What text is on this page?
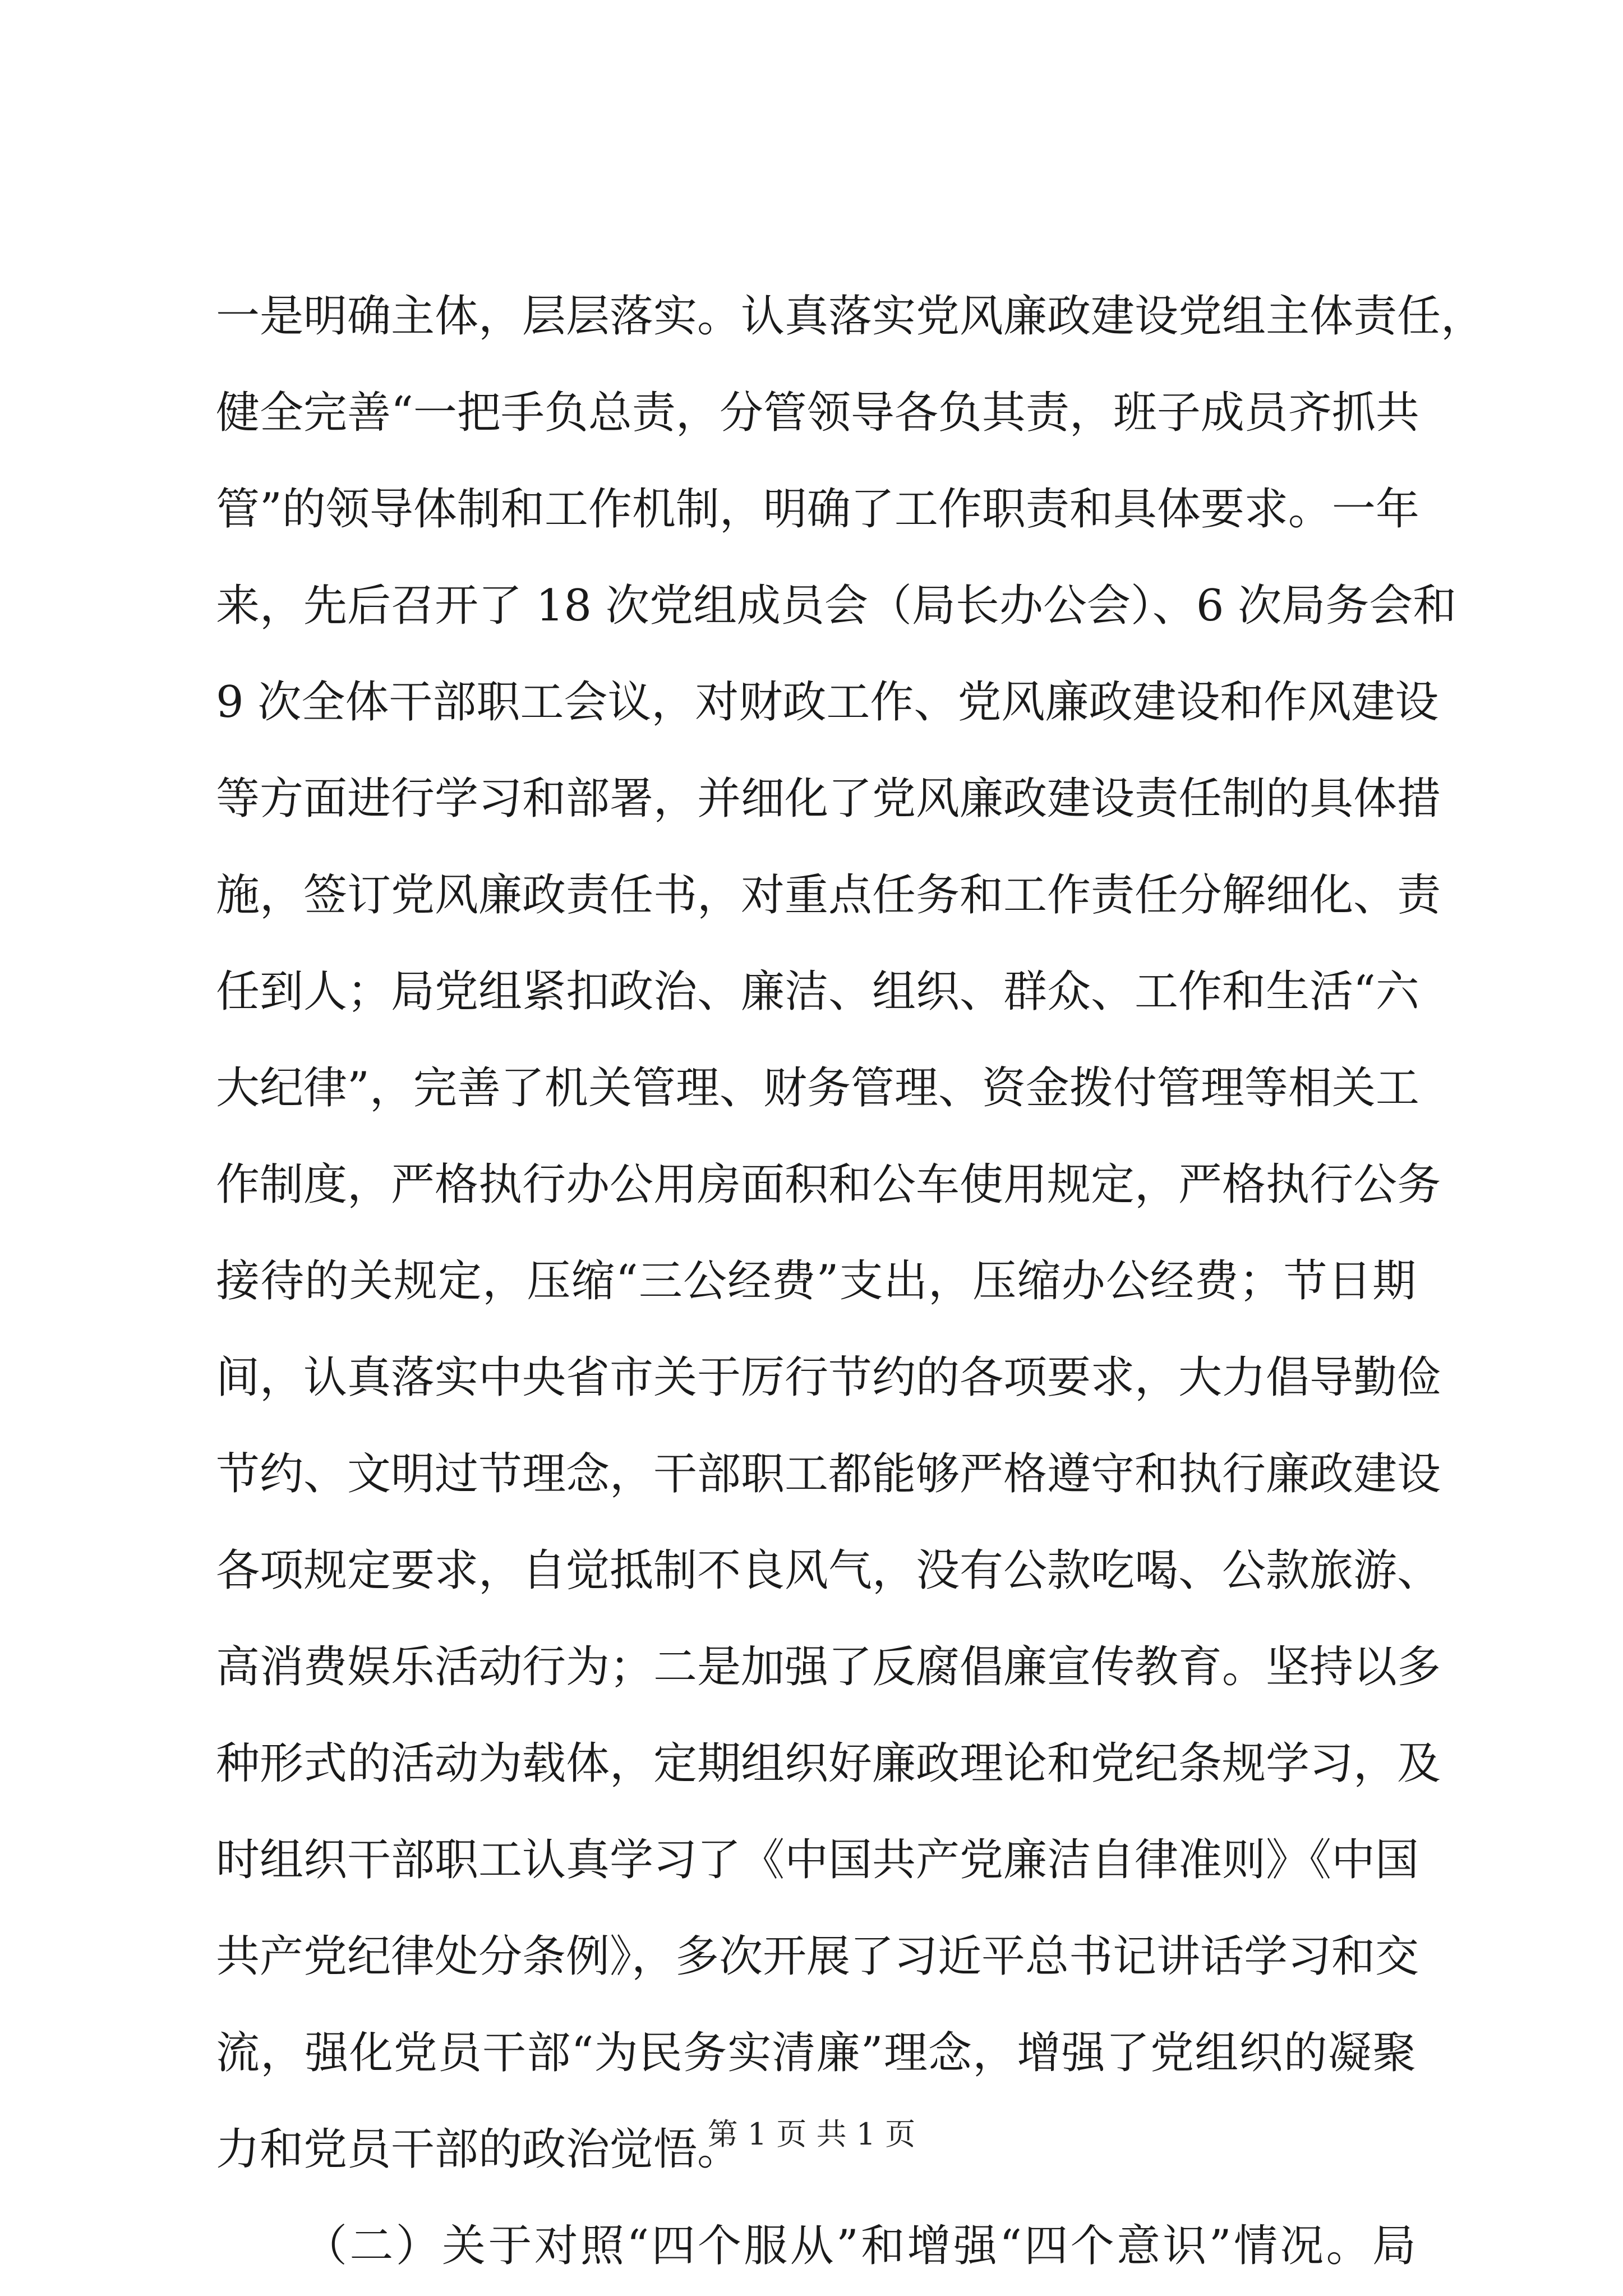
一是明确主体，层层落实。认真落实党风廉政建设党组主体责任，
健全完善“一把手负总责，分管领导各负其责，班子成员齐抓共
管”的领导体制和工作机制，明确了工作职责和具体要求。一年
来，先后召开了 18 次党组成员会（局长办公会）、6 次局务会和
9 次全体干部职工会议，对财政工作、党风廉政建设和作风建设
等方面进行学习和部署，并细化了党风廉政建设责任制的具体措
施，签订党风廉政责任书，对重点任务和工作责任分解细化、责
任到人；局党组紧扣政治、廉洁、组织、群众、工作和生活“六
大纪律”，完善了机关管理、财务管理、资金拨付管理等相关工
作制度，严格执行办公用房面积和公车使用规定，严格执行公务
接待的关规定，压缩“三公经费”支出，压缩办公经费；节日期
间，认真落实中央省市关于厉行节约的各项要求，大力倡导勤俭
节约、文明过节理念，干部职工都能够严格遵守和执行廉政建设
各项规定要求，自觉抵制不良风气，没有公款吃喝、公款旅游、
高消费娱乐活动行为；二是加强了反腐倡廉宣传教育。坚持以多
种形式的活动为载体，定期组织好廉政理论和党纪条规学习，及
时组织干部职工认真学习了《中国共产党廉洁自律准则》《中国
共产党纪律处分条例》，多次开展了习近平总书记讲话学习和交
流，强化党员干部“为民务实清廉”理念，增强了党组织的凝聚
力和党员干部的政治觉悟。
（二）关于对照“四个服从”和增强“四个意识”情况。局
第 1 页 共 1 页
